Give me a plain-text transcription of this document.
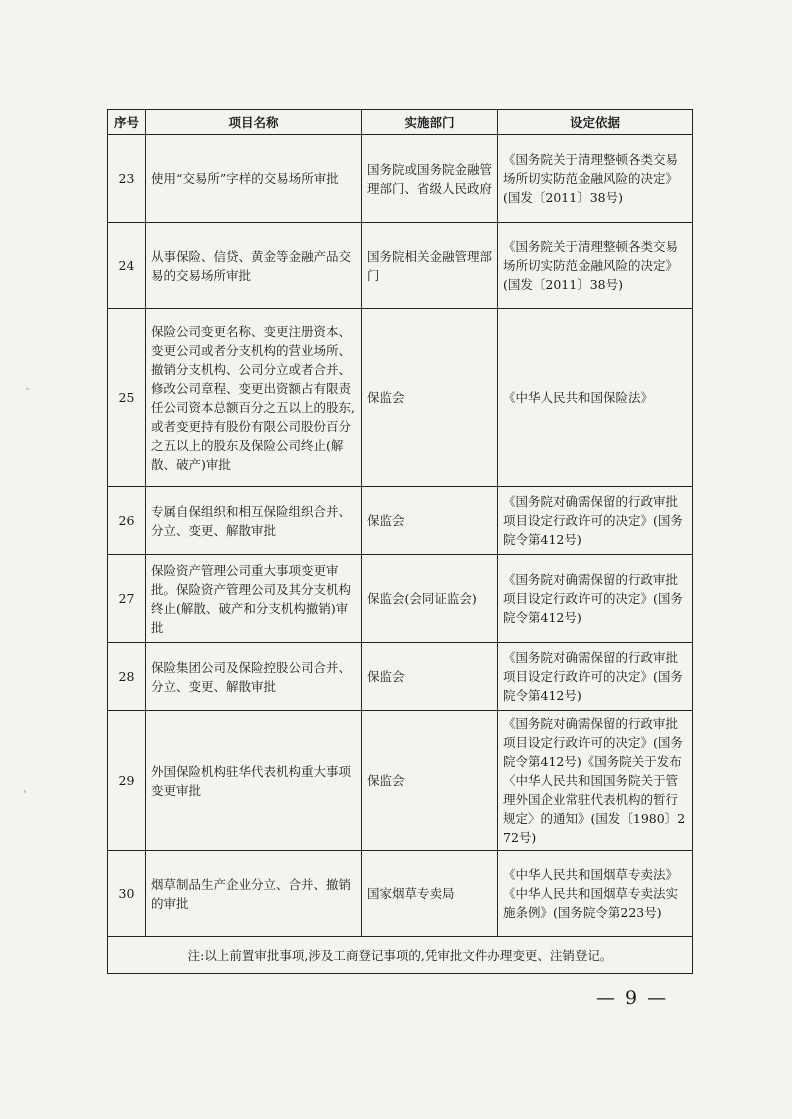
序号	项目名称	实施部门	设定依据
23	使用“交易所”字样的交易场所审批	国务院或国务院金融管理部门、省级人民政府	《国务院关于清理整顿各类交易场所切实防范金融风险的决定》(国发〔2011〕38号)
24	从事保险、信贷、黄金等金融产品交易的交易场所审批	国务院相关金融管理部门	《国务院关于清理整顿各类交易场所切实防范金融风险的决定》(国发〔2011〕38号)
25	保险公司变更名称、变更注册资本、变更公司或者分支机构的营业场所、撤销分支机构、公司分立或者合并、修改公司章程、变更出资额占有限责任公司资本总额百分之五以上的股东,或者变更持有股份有限公司股份百分之五以上的股东及保险公司终止(解散、破产)审批	保监会	《中华人民共和国保险法》
26	专属自保组织和相互保险组织合并、分立、变更、解散审批	保监会	《国务院对确需保留的行政审批项目设定行政许可的决定》(国务院令第412号)
27	保险资产管理公司重大事项变更审批。保险资产管理公司及其分支机构终止(解散、破产和分支机构撤销)审批	保监会(会同证监会)	《国务院对确需保留的行政审批项目设定行政许可的决定》(国务院令第412号)
28	保险集团公司及保险控股公司合并、分立、变更、解散审批	保监会	《国务院对确需保留的行政审批项目设定行政许可的决定》(国务院令第412号)
29	外国保险机构驻华代表机构重大事项变更审批	保监会	《国务院对确需保留的行政审批项目设定行政许可的决定》(国务院令第412号)《国务院关于发布〈中华人民共和国国务院关于管理外国企业常驻代表机构的暂行规定〉的通知》(国发〔1980〕272号)
30	烟草制品生产企业分立、合并、撤销的审批	国家烟草专卖局	《中华人民共和国烟草专卖法》《中华人民共和国烟草专卖法实施条例》(国务院令第223号)
注:以上前置审批事项,涉及工商登记事项的,凭审批文件办理变更、注销登记。			
— 9 —
